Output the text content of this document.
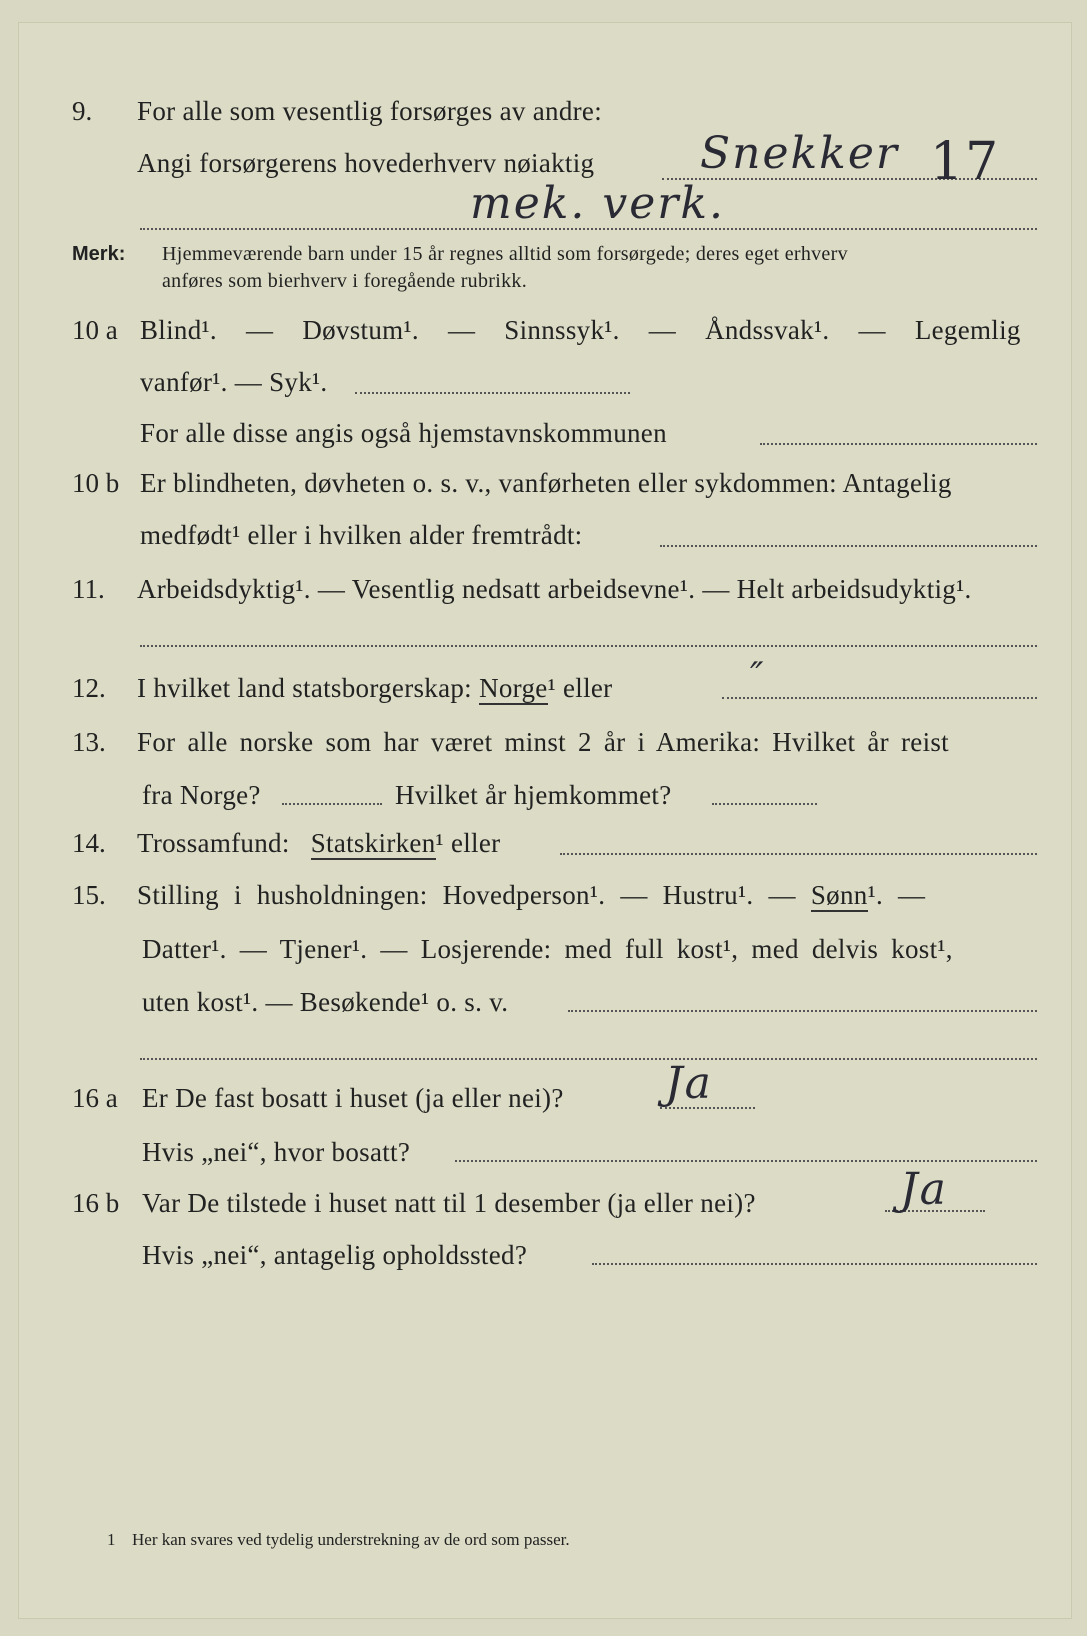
9. For alle som vesentlig forsørges av andre:
Angi forsørgerens hovederhverv nøiaktig Snekker 17
mek. verk.
Merk: Hjemmeværende barn under 15 år regnes alltid som forsørgede; deres eget erhverv
anføres som bierhverv i foregående rubrikk.
10 a Blind¹. — Døvstum¹. — Sinnssyk¹. — Åndssvak¹. — Legemlig
vanfør¹. — Syk¹.
For alle disse angis også hjemstavnskommunen
10 b Er blindheten, døvheten o. s. v., vanførheten eller sykdommen: Antagelig
medfødt¹ eller i hvilken alder fremtrådt:
11. Arbeidsdyktig¹. — Vesentlig nedsatt arbeidsevne¹. — Helt arbeidsudyktig¹.
12. I hvilket land statsborgerskap: Norge¹ eller	″
13. For alle norske som har været minst 2 år i Amerika: Hvilket år reist
fra Norge?	Hvilket år hjemkommet?
14. Trossamfund: Statskirken¹ eller
15. Stilling i husholdningen: Hovedperson¹. — Hustru¹. — Sønn¹. —
Datter¹. — Tjener¹. — Losjerende: med full kost¹, med delvis kost¹,
uten kost¹. — Besøkende¹ o. s. v.
16 a Er De fast bosatt i huset (ja eller nei)? Ja
Hvis „nei“, hvor bosatt?
16 b Var De tilstede i huset natt til 1 desember (ja eller nei)?	Ja
Hvis „nei“, antagelig opholdssted?
1 Her kan svares ved tydelig understrekning av de ord som passer.
